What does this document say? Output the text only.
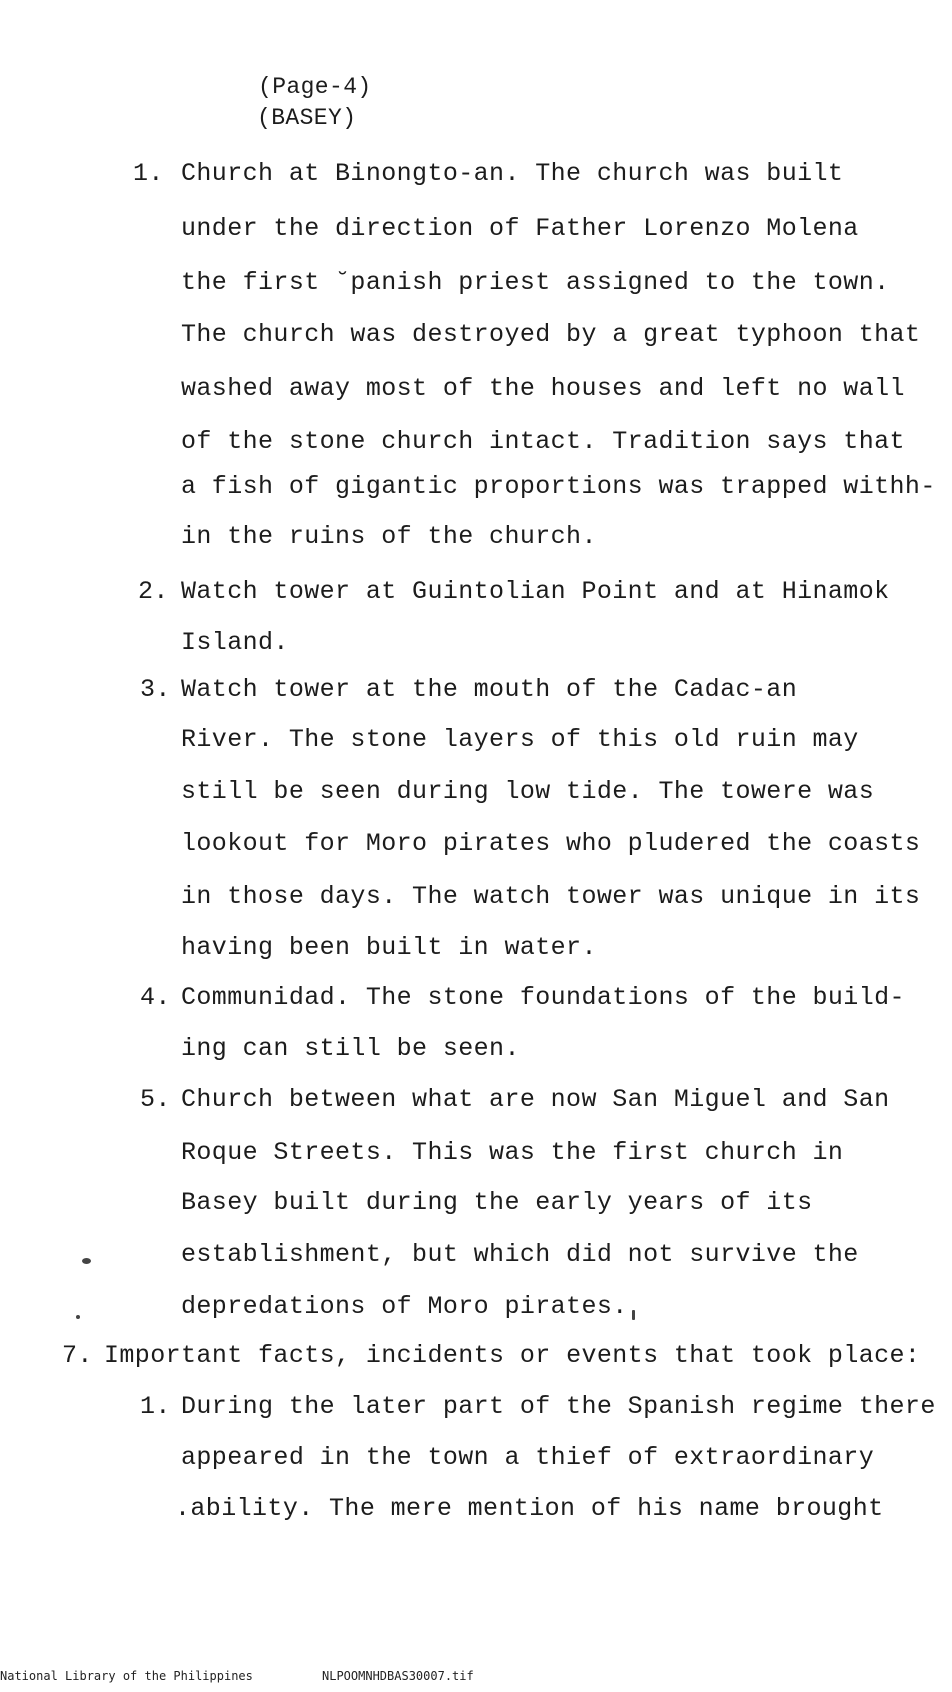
(Page-4)
(BASEY)
1. Church at Binongto-an. The church was built
under the direction of Father Lorenzo Molena
the first ˘panish priest assigned to the town.
The church was destroyed by a great typhoon that
washed away most of the houses and left no wall
of the stone church intact. Tradition says that
a fish of gigantic proportions was trapped withh-
in the ruins of the church.
2. Watch tower at Guintolian Point and at Hinamok
Island.
3. Watch tower at the mouth of the Cadac-an
River. The stone layers of this old ruin may
still be seen during low tide. The towere was
lookout for Moro pirates who pludered the coasts
in those days. The watch tower was unique in its
having been built in water.
4. Communidad. The stone foundations of the build-
ing can still be seen.
5. Church between what are now San Miguel and San
Roque Streets. This was the first church in
Basey built during the early years of its
establishment, but which did not survive the
depredations of Moro pirates.
7. Important facts, incidents or events that took place:
1. During the later part of the Spanish regime there
appeared in the town a thief of extraordinary
.ability. The mere mention of his name brought
National Library of the Philippines	NLPOOMNHDBAS30007.tif
